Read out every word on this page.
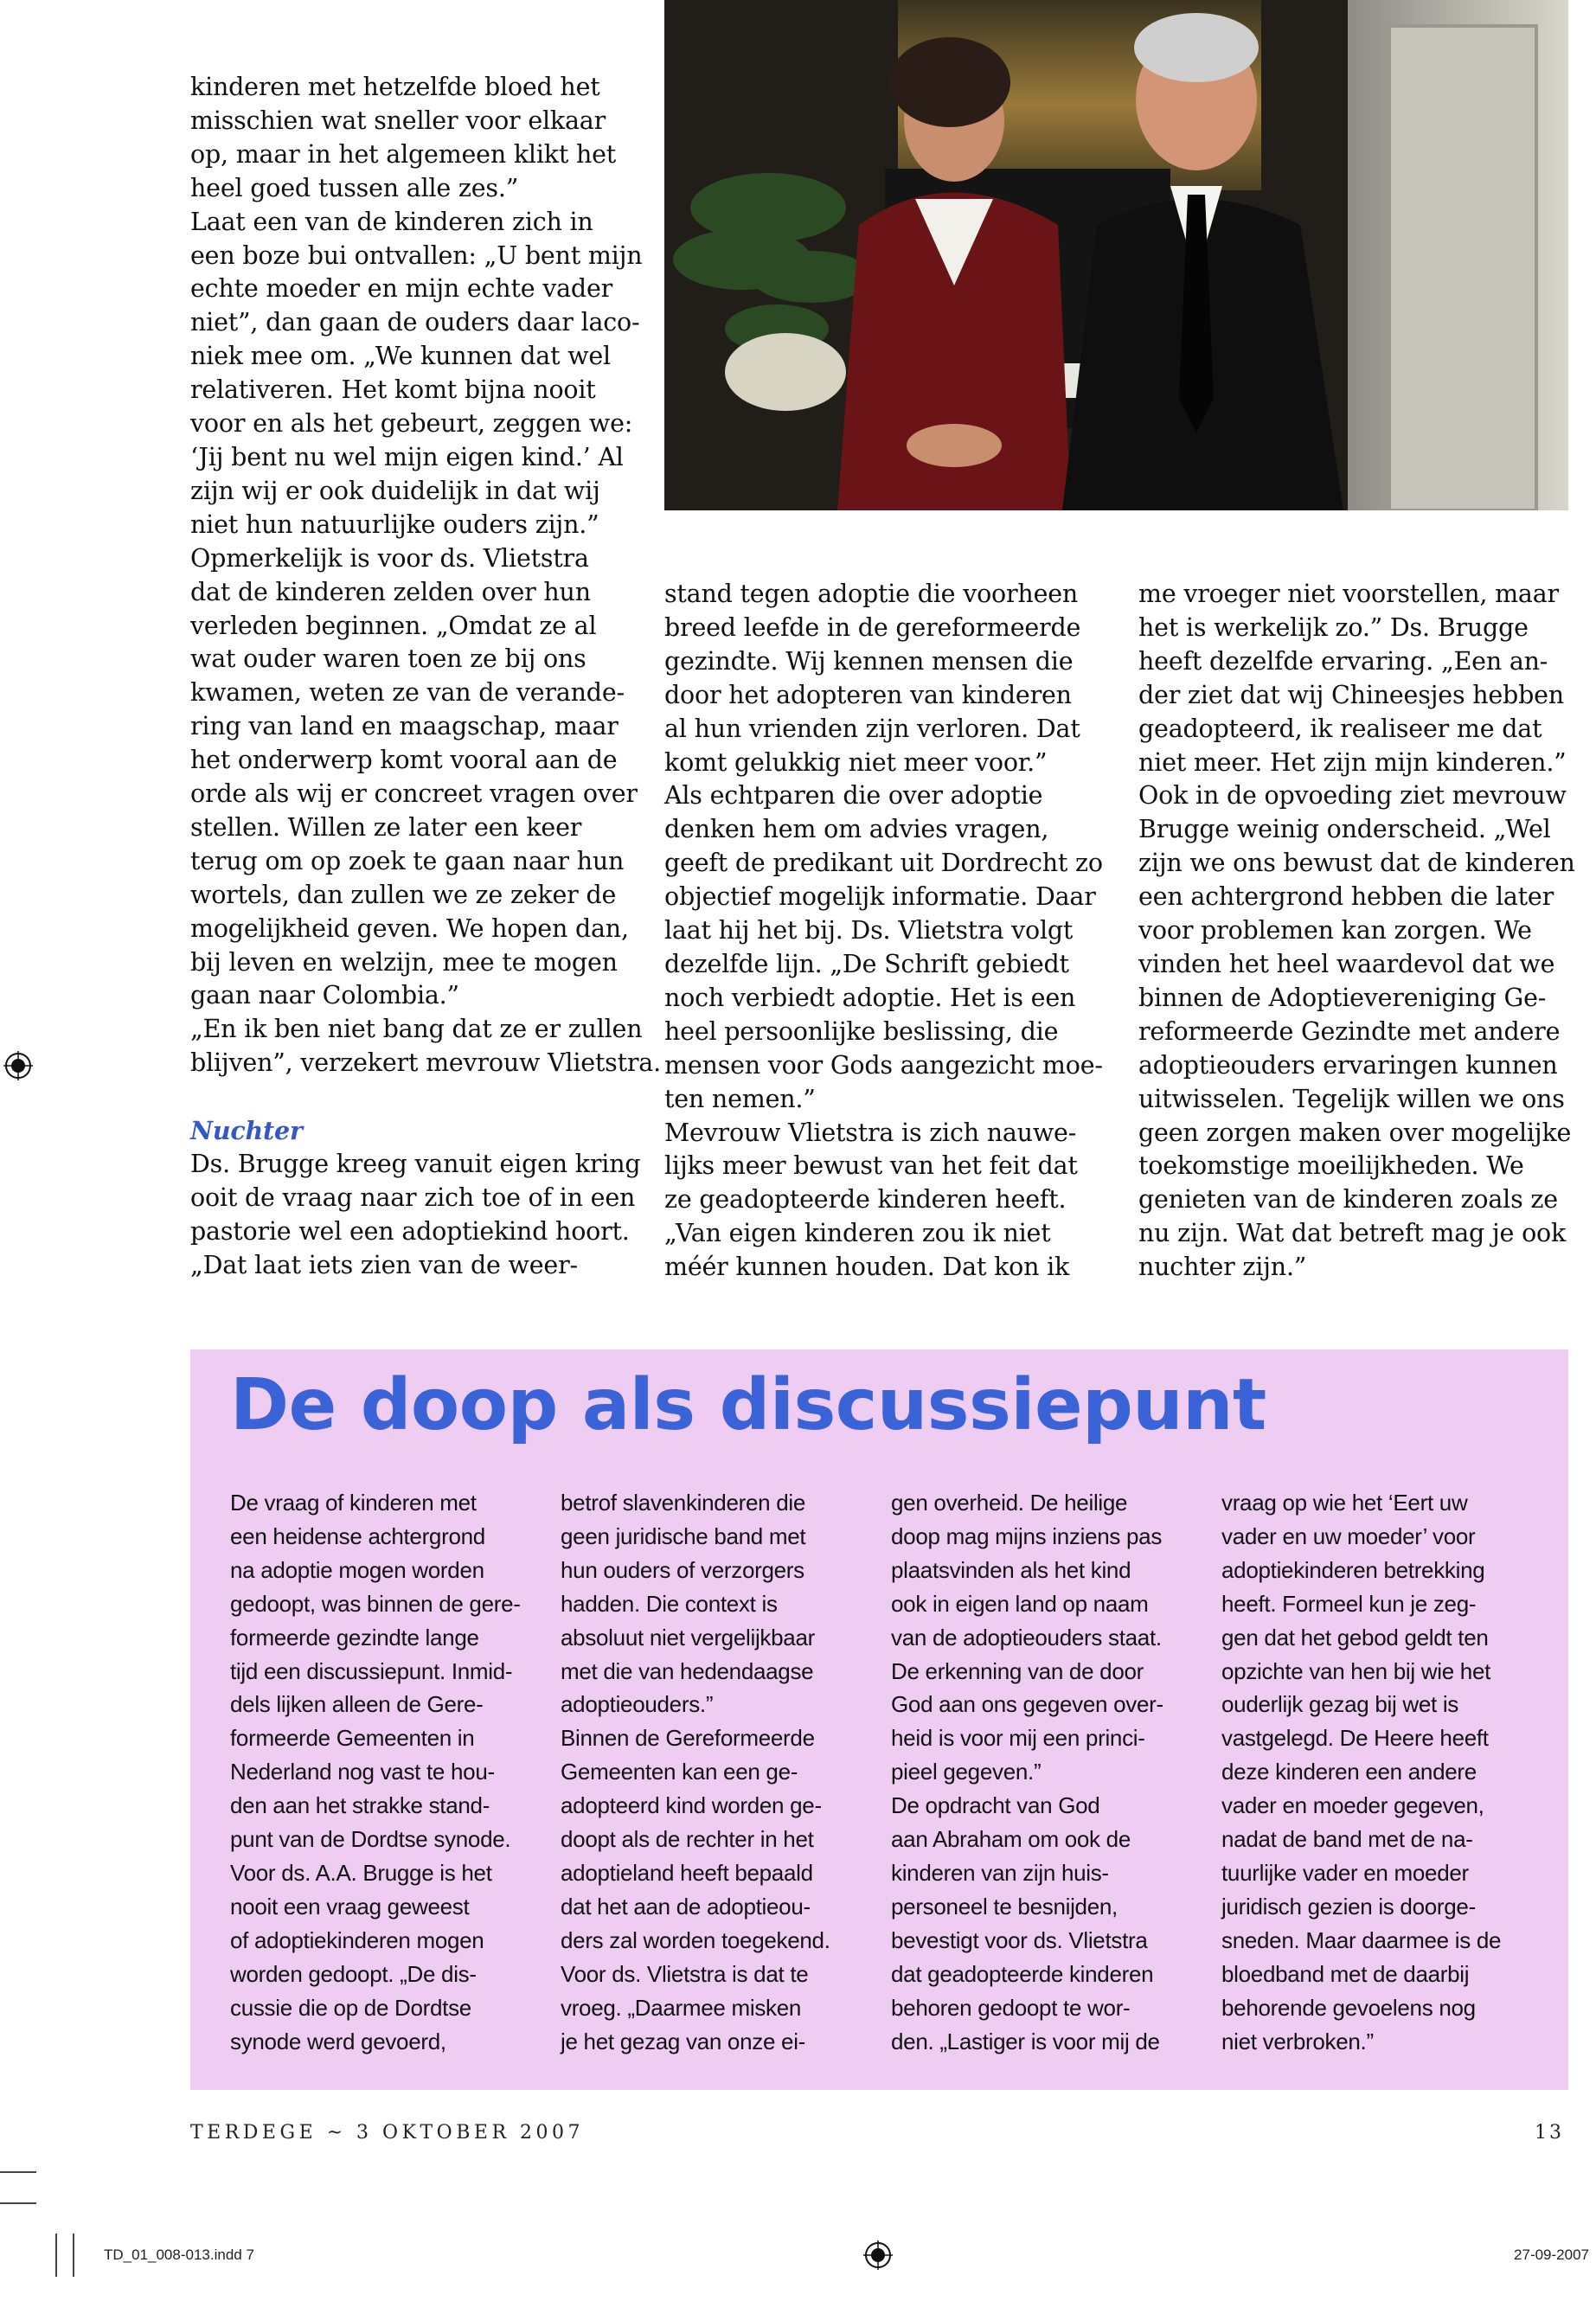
kinderen met hetzelfde bloed het

misschien wat sneller voor elkaar

op, maar in het algemeen klikt het

heel goed tussen alle zes.”

Laat een van de kinderen zich in

een boze bui ontvallen: „U bent mijn

echte moeder en mijn echte vader

niet”, dan gaan de ouders daar laco-

niek mee om. „We kunnen dat wel

relativeren. Het komt bijna nooit

voor en als het gebeurt, zeggen we:

‘Jij bent nu wel mijn eigen kind.’ Al

zijn wij er ook duidelijk in dat wij

niet hun natuurlijke ouders zijn.”

Opmerkelijk is voor ds. Vlietstra

dat de kinderen zelden over hun

verleden beginnen. „Omdat ze al

wat ouder waren toen ze bij ons

kwamen, weten ze van de verande-

ring van land en maagschap, maar

het onderwerp komt vooral aan de

orde als wij er concreet vragen over

stellen. Willen ze later een keer

terug om op zoek te gaan naar hun

wortels, dan zullen we ze zeker de

mogelijkheid geven. We hopen dan,

bij leven en welzijn, mee te mogen

gaan naar Colombia.”

„En ik ben niet bang dat ze er zullen

blijven”, verzekert mevrouw Vlietstra.

Nuchter

Ds. Brugge kreeg vanuit eigen kring

ooit de vraag naar zich toe of in een

pastorie wel een adoptiekind hoort.

„Dat laat iets zien van de weer-

stand tegen adoptie die voorheen

breed leefde in de gereformeerde

gezindte. Wij kennen mensen die

door het adopteren van kinderen

al hun vrienden zijn verloren. Dat

komt gelukkig niet meer voor.”

Als echtparen die over adoptie

denken hem om advies vragen,

geeft de predikant uit Dordrecht zo

objectief mogelijk informatie. Daar

laat hij het bij. Ds. Vlietstra volgt

dezelfde lijn. „De Schrift gebiedt

noch verbiedt adoptie. Het is een

heel persoonlijke beslissing, die

mensen voor Gods aangezicht moe-

ten nemen.”

Mevrouw Vlietstra is zich nauwe-

lijks meer bewust van het feit dat

ze geadopteerde kinderen heeft.

„Van eigen kinderen zou ik niet

méér kunnen houden. Dat kon ik

me vroeger niet voorstellen, maar

het is werkelijk zo.” Ds. Brugge

heeft dezelfde ervaring. „Een an-

der ziet dat wij Chineesjes hebben

geadopteerd, ik realiseer me dat

niet meer. Het zijn mijn kinderen.”

Ook in de opvoeding ziet mevrouw

Brugge weinig onderscheid. „Wel

zijn we ons bewust dat de kinderen

een achtergrond hebben die later

voor problemen kan zorgen. We

vinden het heel waardevol dat we

binnen de Adoptievereniging Ge-

reformeerde Gezindte met andere

adoptieouders ervaringen kunnen

uitwisselen. Tegelijk willen we ons

geen zorgen maken over mogelijke

toekomstige moeilijkheden. We

genieten van de kinderen zoals ze

nu zijn. Wat dat betreft mag je ook

nuchter zijn.”

De doop als discussiepunt

De vraag of kinderen met

een heidense achtergrond

na adoptie mogen worden

gedoopt, was binnen de gere-

formeerde gezindte lange

tijd een discussiepunt. Inmid-

dels lijken alleen de Gere-

formeerde Gemeenten in

Nederland nog vast te hou-

den aan het strakke stand-

punt van de Dordtse synode.

Voor ds. A.A. Brugge is het

nooit een vraag geweest

of adoptiekinderen mogen

worden gedoopt. „De dis-

cussie die op de Dordtse

synode werd gevoerd,

betrof slavenkinderen die

geen juridische band met

hun ouders of verzorgers

hadden. Die context is

absoluut niet vergelijkbaar

met die van hedendaagse

adoptieouders.”

Binnen de Gereformeerde

Gemeenten kan een ge-

adopteerd kind worden ge-

doopt als de rechter in het

adoptieland heeft bepaald

dat het aan de adoptieou-

ders zal worden toegekend.

Voor ds. Vlietstra is dat te

vroeg. „Daarmee misken

je het gezag van onze ei-

gen overheid. De heilige

doop mag mijns inziens pas

plaatsvinden als het kind

ook in eigen land op naam

van de adoptieouders staat.

De erkenning van de door

God aan ons gegeven over-

heid is voor mij een princi-

pieel gegeven.”

De opdracht van God

aan Abraham om ook de

kinderen van zijn huis-

personeel te besnijden,

bevestigt voor ds. Vlietstra

dat geadopteerde kinderen

behoren gedoopt te wor-

den. „Lastiger is voor mij de

vraag op wie het ‘Eert uw

vader en uw moeder’ voor

adoptiekinderen betrekking

heeft. Formeel kun je zeg-

gen dat het gebod geldt ten

opzichte van hen bij wie het

ouderlijk gezag bij wet is

vastgelegd. De Heere heeft

deze kinderen een andere

vader en moeder gegeven,

nadat de band met de na-

tuurlijke vader en moeder

juridisch gezien is doorge-

sneden. Maar daarmee is de

bloedband met de daarbij

behorende gevoelens nog

niet verbroken.”

TERDEGE ~ 3 OKTOBER 2007	13
TD_01_008-013.indd 7	27-09-2007
